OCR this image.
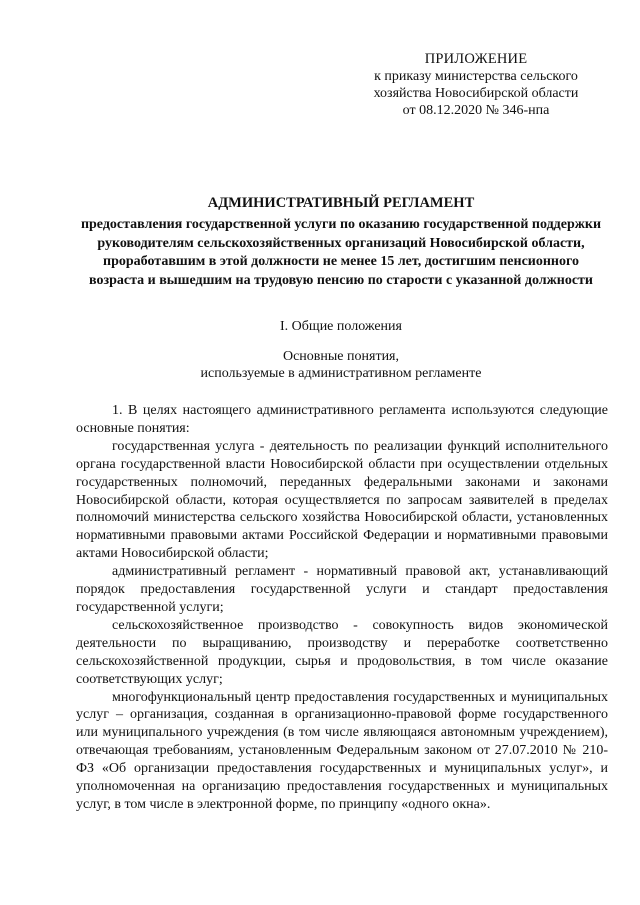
ПРИЛОЖЕНИЕ
к приказу министерства сельского
хозяйства Новосибирской области
от 08.12.2020 № 346-нпа
АДМИНИСТРАТИВНЫЙ РЕГЛАМЕНТ
предоставления государственной услуги по оказанию государственной поддержки руководителям сельскохозяйственных организаций Новосибирской области, проработавшим в этой должности не менее 15 лет, достигшим пенсионного возраста и вышедшим на трудовую пенсию по старости с указанной должности
I. Общие положения
Основные понятия,
используемые в административном регламенте

1. В целях настоящего административного регламента используются следующие основные понятия:

государственная услуга - деятельность по реализации функций исполнительного органа государственной власти Новосибирской области при осуществлении отдельных государственных полномочий, переданных федеральными законами и законами Новосибирской области, которая осуществляется по запросам заявителей в пределах полномочий министерства сельского хозяйства Новосибирской области, установленных нормативными правовыми актами Российской Федерации и нормативными правовыми актами Новосибирской области;

административный регламент - нормативный правовой акт, устанавливающий порядок предоставления государственной услуги и стандарт предоставления государственной услуги;

сельскохозяйственное производство - совокупность видов экономической деятельности по выращиванию, производству и переработке соответственно сельскохозяйственной продукции, сырья и продовольствия, в том числе оказание соответствующих услуг;

многофункциональный центр предоставления государственных и муниципальных услуг – организация, созданная в организационно-правовой форме государственного или муниципального учреждения (в том числе являющаяся автономным учреждением), отвечающая требованиям, установленным Федеральным законом от 27.07.2010 № 210-ФЗ «Об организации предоставления государственных и муниципальных услуг», и уполномоченная на организацию предоставления государственных и муниципальных услуг, в том числе в электронной форме, по принципу «одного окна».
